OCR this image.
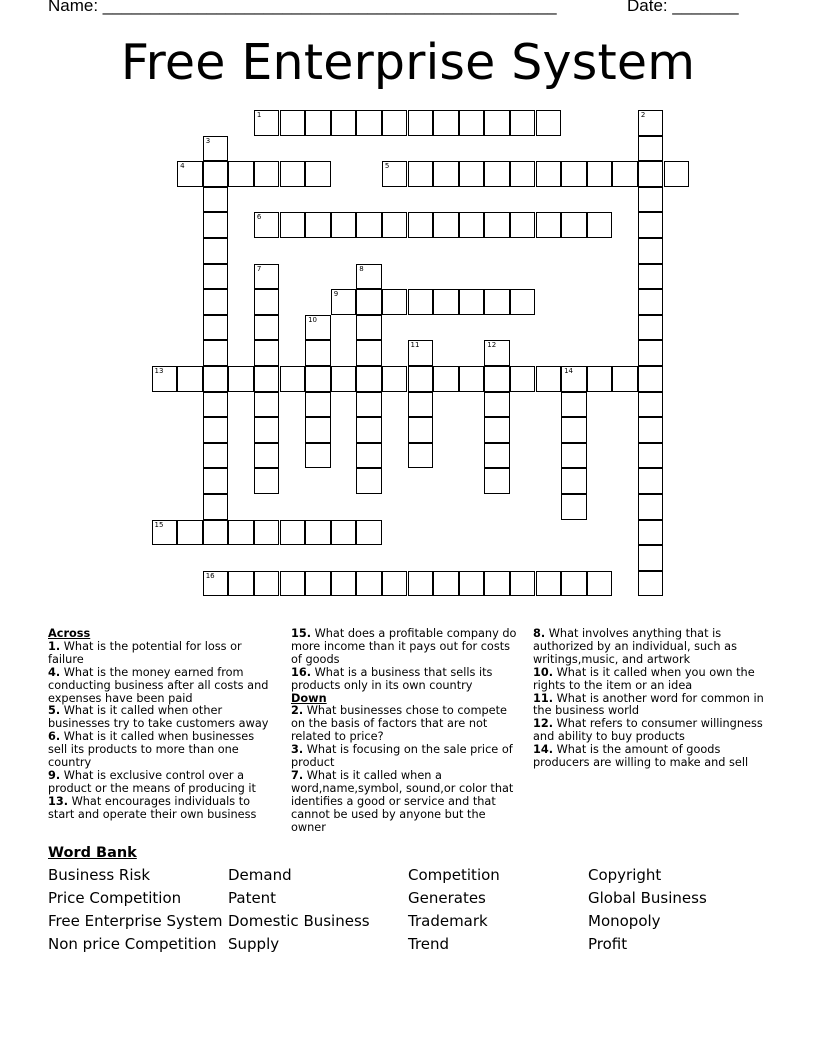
Name: ________________________________________________	Date: _______
Free Enterprise System
1
4	5
6
9
13	14
15
16
2
3
7	8
10
11	12
Across
1. What is the potential for loss or failure
4. What is the money earned from conducting business after all costs and expenses have been paid
5. What is it called when other businesses try to take customers away
6. What is it called when businesses sell its products to more than one country
9. What is exclusive control over a product or the means of producing it
13. What encourages individuals to start and operate their own business
15. What does a profitable company do more income than it pays out for costs of goods
16. What is a business that sells its products only in its own country
Down
2. What businesses chose to compete on the basis of factors that are not related to price?
3. What is focusing on the sale price of product
7. What is it called when a word,name,symbol, sound,or color that identifies a good or service and that cannot be used by anyone but the owner
8. What involves anything that is authorized by an individual, such as writings,music, and artwork
10. What is it called when you own the rights to the item or an idea
11. What is another word for common in the business world
12. What refers to consumer willingness and ability to buy products
14. What is the amount of goods producers are willing to make and sell
Word Bank
Business Risk
Price Competition
Free Enterprise System
Non price Competition
Demand
Patent
Domestic Business
Supply
Competition
Generates
Trademark
Trend
Copyright
Global Business
Monopoly
Profit
